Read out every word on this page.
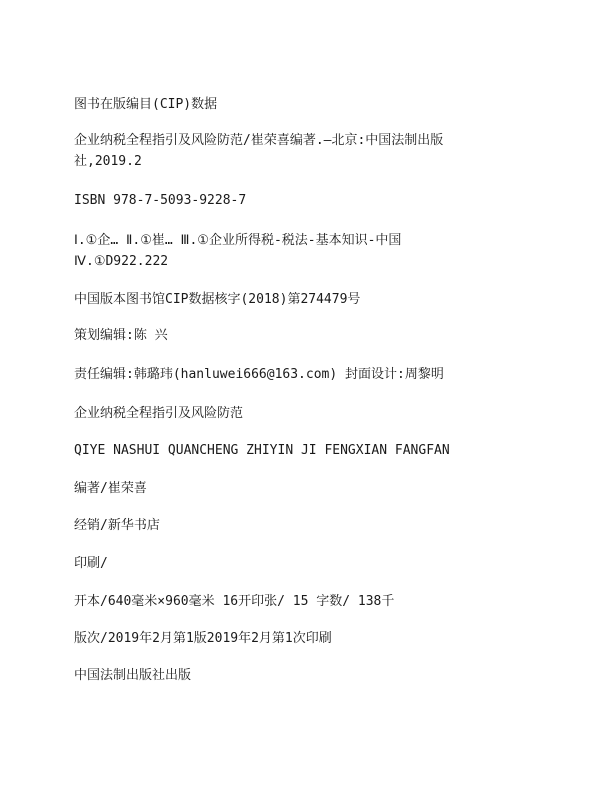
图书在版编目(CIP)数据
企业纳税全程指引及风险防范/崔荣喜编著.—北京:中国法制出版
社,2019.2
ISBN 978-7-5093-9228-7
Ⅰ.①企… Ⅱ.①崔… Ⅲ.①企业所得税-税法-基本知识-中国
Ⅳ.①D922.222
中国版本图书馆CIP数据核字(2018)第274479号
策划编辑:陈 兴
责任编辑:韩璐玮(hanluwei666@163.com) 封面设计:周黎明
企业纳税全程指引及风险防范
QIYE NASHUI QUANCHENG ZHIYIN JI FENGXIAN FANGFAN
编著/崔荣喜
经销/新华书店
印刷/
开本/640毫米×960毫米 16开印张/ 15 字数/ 138千
版次/2019年2月第1版2019年2月第1次印刷
中国法制出版社出版
